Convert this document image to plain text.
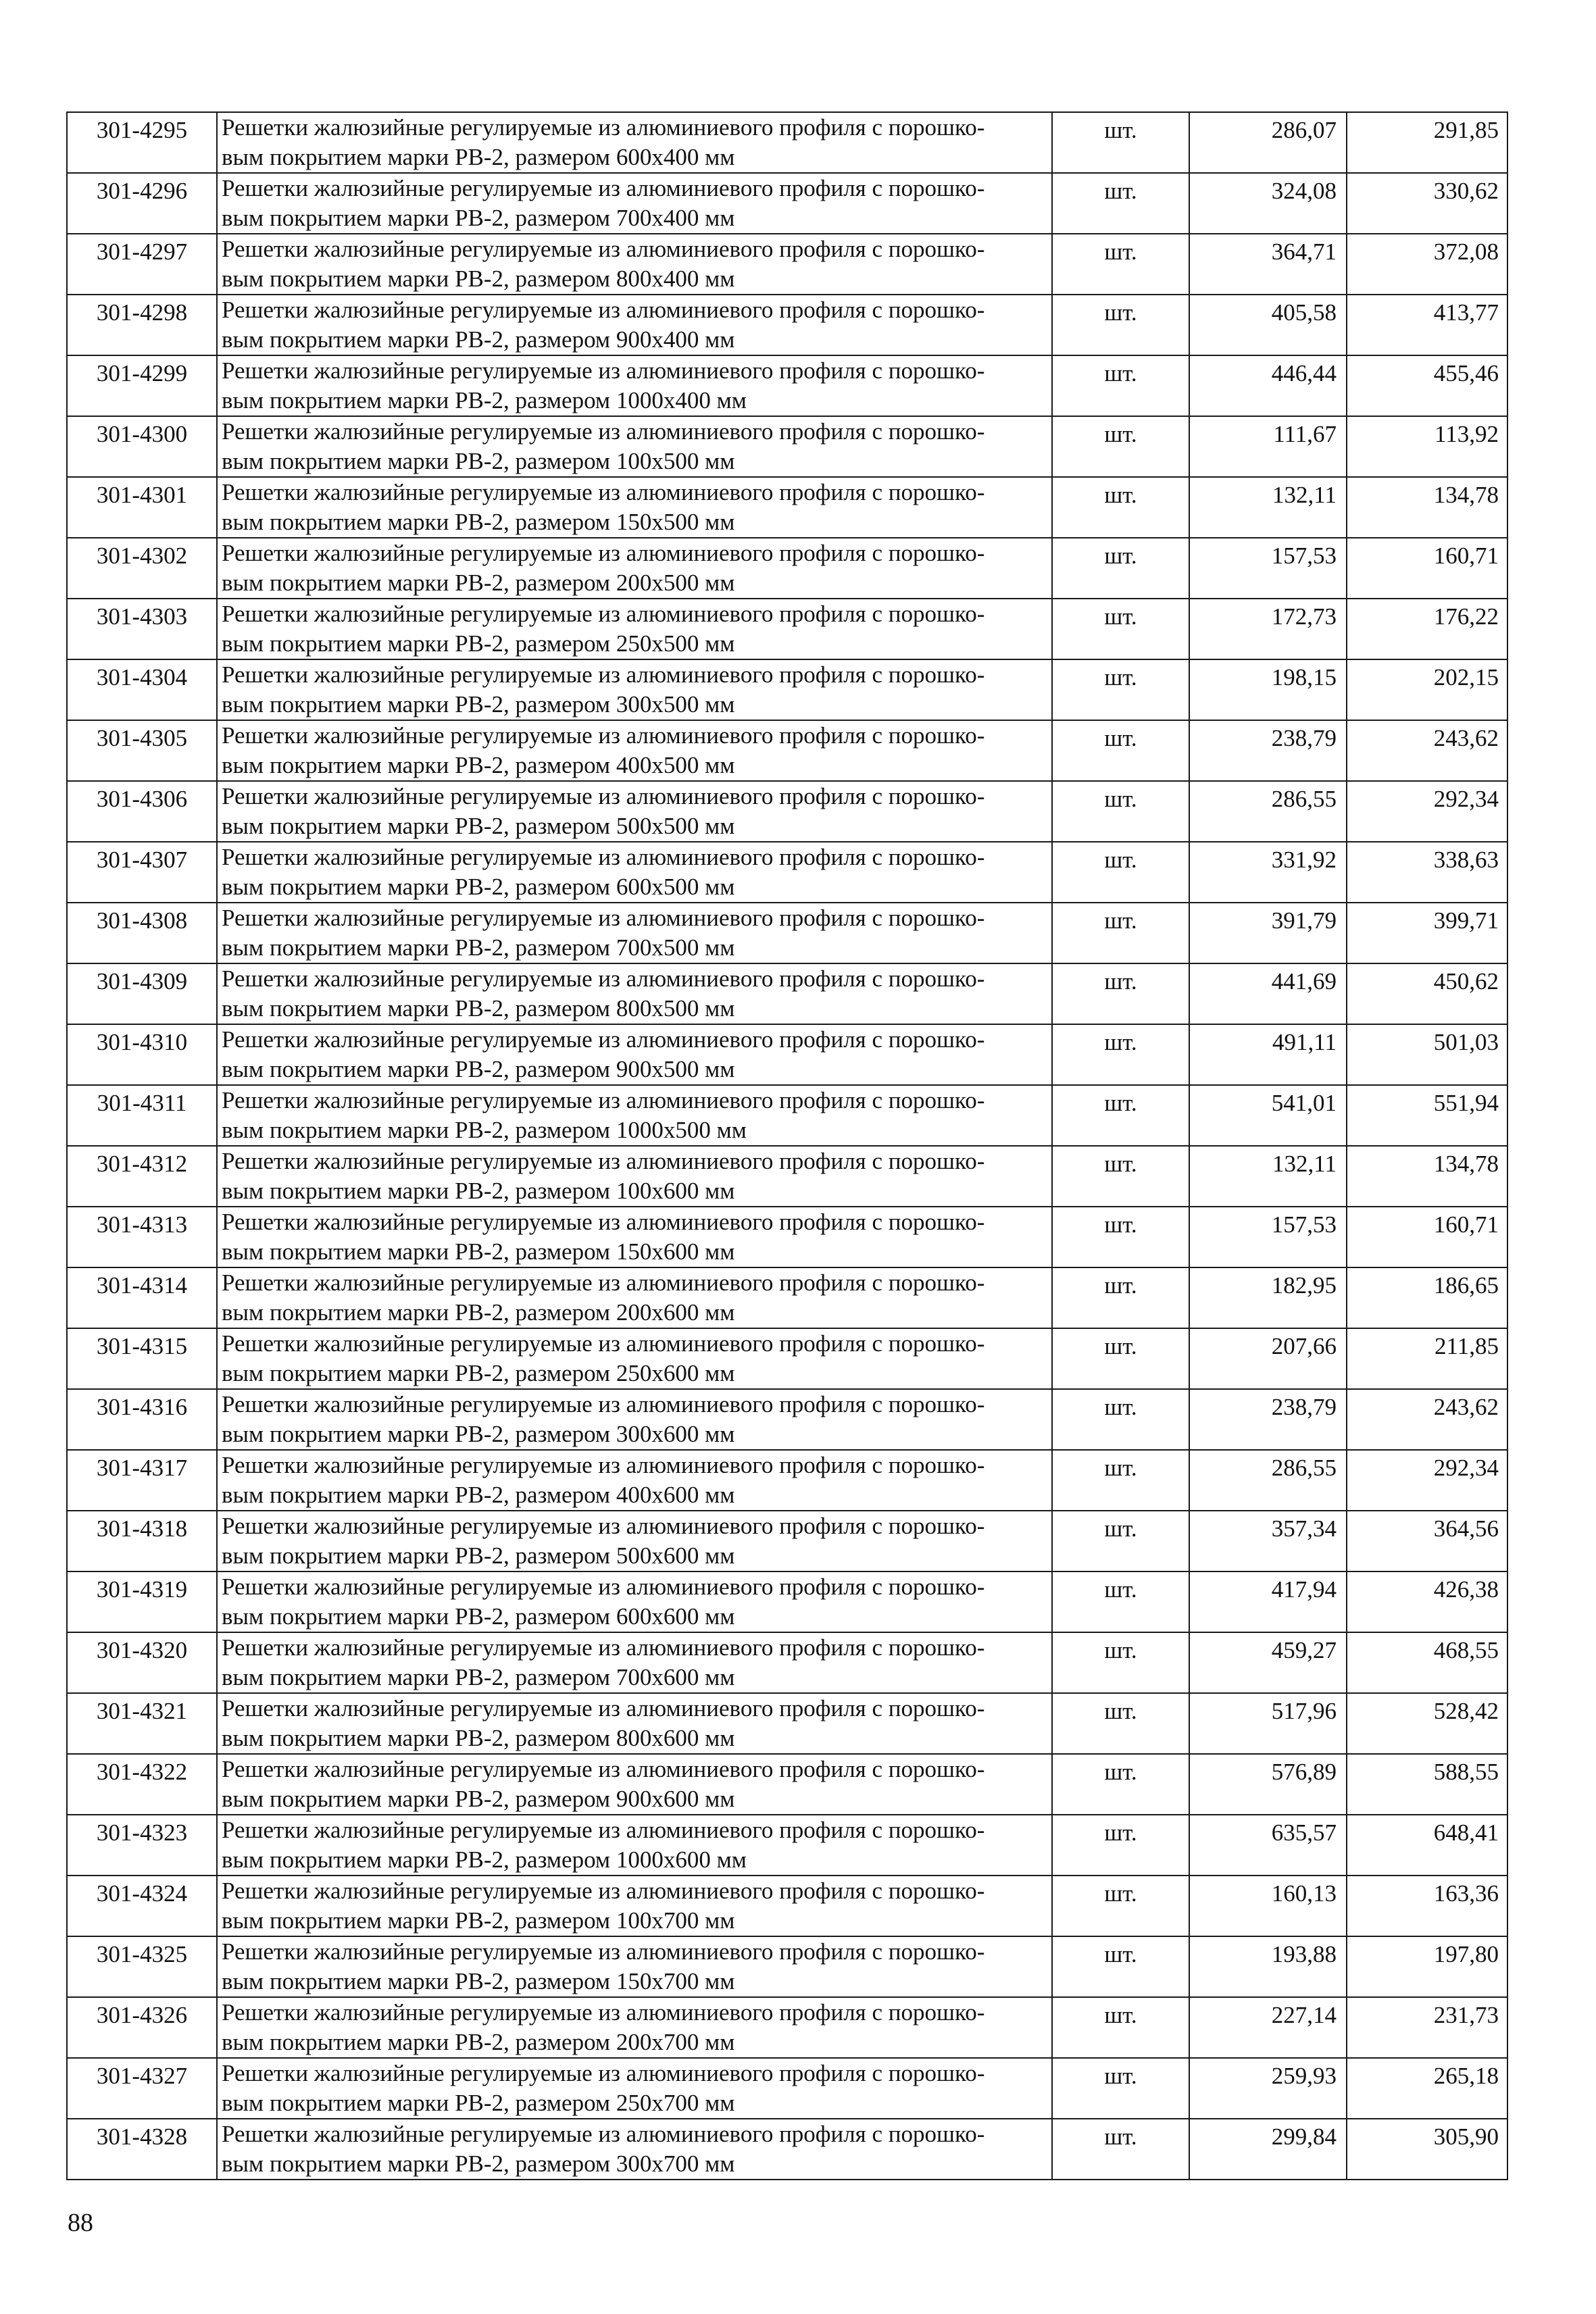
301-4295	Решетки жалюзийные регулируемые из алюминиевого профиля с порошко-
вым покрытием марки РВ-2, размером 600x400 мм	шт.	286,07	291,85
301-4296	Решетки жалюзийные регулируемые из алюминиевого профиля с порошко-
вым покрытием марки РВ-2, размером 700x400 мм	шт.	324,08	330,62
301-4297	Решетки жалюзийные регулируемые из алюминиевого профиля с порошко-
вым покрытием марки РВ-2, размером 800x400 мм	шт.	364,71	372,08
301-4298	Решетки жалюзийные регулируемые из алюминиевого профиля с порошко-
вым покрытием марки РВ-2, размером 900x400 мм	шт.	405,58	413,77
301-4299	Решетки жалюзийные регулируемые из алюминиевого профиля с порошко-
вым покрытием марки РВ-2, размером 1000x400 мм	шт.	446,44	455,46
301-4300	Решетки жалюзийные регулируемые из алюминиевого профиля с порошко-
вым покрытием марки РВ-2, размером 100x500 мм	шт.	111,67	113,92
301-4301	Решетки жалюзийные регулируемые из алюминиевого профиля с порошко-
вым покрытием марки РВ-2, размером 150x500 мм	шт.	132,11	134,78
301-4302	Решетки жалюзийные регулируемые из алюминиевого профиля с порошко-
вым покрытием марки РВ-2, размером 200x500 мм	шт.	157,53	160,71
301-4303	Решетки жалюзийные регулируемые из алюминиевого профиля с порошко-
вым покрытием марки РВ-2, размером 250x500 мм	шт.	172,73	176,22
301-4304	Решетки жалюзийные регулируемые из алюминиевого профиля с порошко-
вым покрытием марки РВ-2, размером 300x500 мм	шт.	198,15	202,15
301-4305	Решетки жалюзийные регулируемые из алюминиевого профиля с порошко-
вым покрытием марки РВ-2, размером 400x500 мм	шт.	238,79	243,62
301-4306	Решетки жалюзийные регулируемые из алюминиевого профиля с порошко-
вым покрытием марки РВ-2, размером 500x500 мм	шт.	286,55	292,34
301-4307	Решетки жалюзийные регулируемые из алюминиевого профиля с порошко-
вым покрытием марки РВ-2, размером 600x500 мм	шт.	331,92	338,63
301-4308	Решетки жалюзийные регулируемые из алюминиевого профиля с порошко-
вым покрытием марки РВ-2, размером 700x500 мм	шт.	391,79	399,71
301-4309	Решетки жалюзийные регулируемые из алюминиевого профиля с порошко-
вым покрытием марки РВ-2, размером 800x500 мм	шт.	441,69	450,62
301-4310	Решетки жалюзийные регулируемые из алюминиевого профиля с порошко-
вым покрытием марки РВ-2, размером 900x500 мм	шт.	491,11	501,03
301-4311	Решетки жалюзийные регулируемые из алюминиевого профиля с порошко-
вым покрытием марки РВ-2, размером 1000x500 мм	шт.	541,01	551,94
301-4312	Решетки жалюзийные регулируемые из алюминиевого профиля с порошко-
вым покрытием марки РВ-2, размером 100x600 мм	шт.	132,11	134,78
301-4313	Решетки жалюзийные регулируемые из алюминиевого профиля с порошко-
вым покрытием марки РВ-2, размером 150x600 мм	шт.	157,53	160,71
301-4314	Решетки жалюзийные регулируемые из алюминиевого профиля с порошко-
вым покрытием марки РВ-2, размером 200x600 мм	шт.	182,95	186,65
301-4315	Решетки жалюзийные регулируемые из алюминиевого профиля с порошко-
вым покрытием марки РВ-2, размером 250x600 мм	шт.	207,66	211,85
301-4316	Решетки жалюзийные регулируемые из алюминиевого профиля с порошко-
вым покрытием марки РВ-2, размером 300x600 мм	шт.	238,79	243,62
301-4317	Решетки жалюзийные регулируемые из алюминиевого профиля с порошко-
вым покрытием марки РВ-2, размером 400x600 мм	шт.	286,55	292,34
301-4318	Решетки жалюзийные регулируемые из алюминиевого профиля с порошко-
вым покрытием марки РВ-2, размером 500x600 мм	шт.	357,34	364,56
301-4319	Решетки жалюзийные регулируемые из алюминиевого профиля с порошко-
вым покрытием марки РВ-2, размером 600x600 мм	шт.	417,94	426,38
301-4320	Решетки жалюзийные регулируемые из алюминиевого профиля с порошко-
вым покрытием марки РВ-2, размером 700x600 мм	шт.	459,27	468,55
301-4321	Решетки жалюзийные регулируемые из алюминиевого профиля с порошко-
вым покрытием марки РВ-2, размером 800x600 мм	шт.	517,96	528,42
301-4322	Решетки жалюзийные регулируемые из алюминиевого профиля с порошко-
вым покрытием марки РВ-2, размером 900x600 мм	шт.	576,89	588,55
301-4323	Решетки жалюзийные регулируемые из алюминиевого профиля с порошко-
вым покрытием марки РВ-2, размером 1000x600 мм	шт.	635,57	648,41
301-4324	Решетки жалюзийные регулируемые из алюминиевого профиля с порошко-
вым покрытием марки РВ-2, размером 100x700 мм	шт.	160,13	163,36
301-4325	Решетки жалюзийные регулируемые из алюминиевого профиля с порошко-
вым покрытием марки РВ-2, размером 150x700 мм	шт.	193,88	197,80
301-4326	Решетки жалюзийные регулируемые из алюминиевого профиля с порошко-
вым покрытием марки РВ-2, размером 200x700 мм	шт.	227,14	231,73
301-4327	Решетки жалюзийные регулируемые из алюминиевого профиля с порошко-
вым покрытием марки РВ-2, размером 250x700 мм	шт.	259,93	265,18
301-4328	Решетки жалюзийные регулируемые из алюминиевого профиля с порошко-
вым покрытием марки РВ-2, размером 300x700 мм	шт.	299,84	305,90
88
